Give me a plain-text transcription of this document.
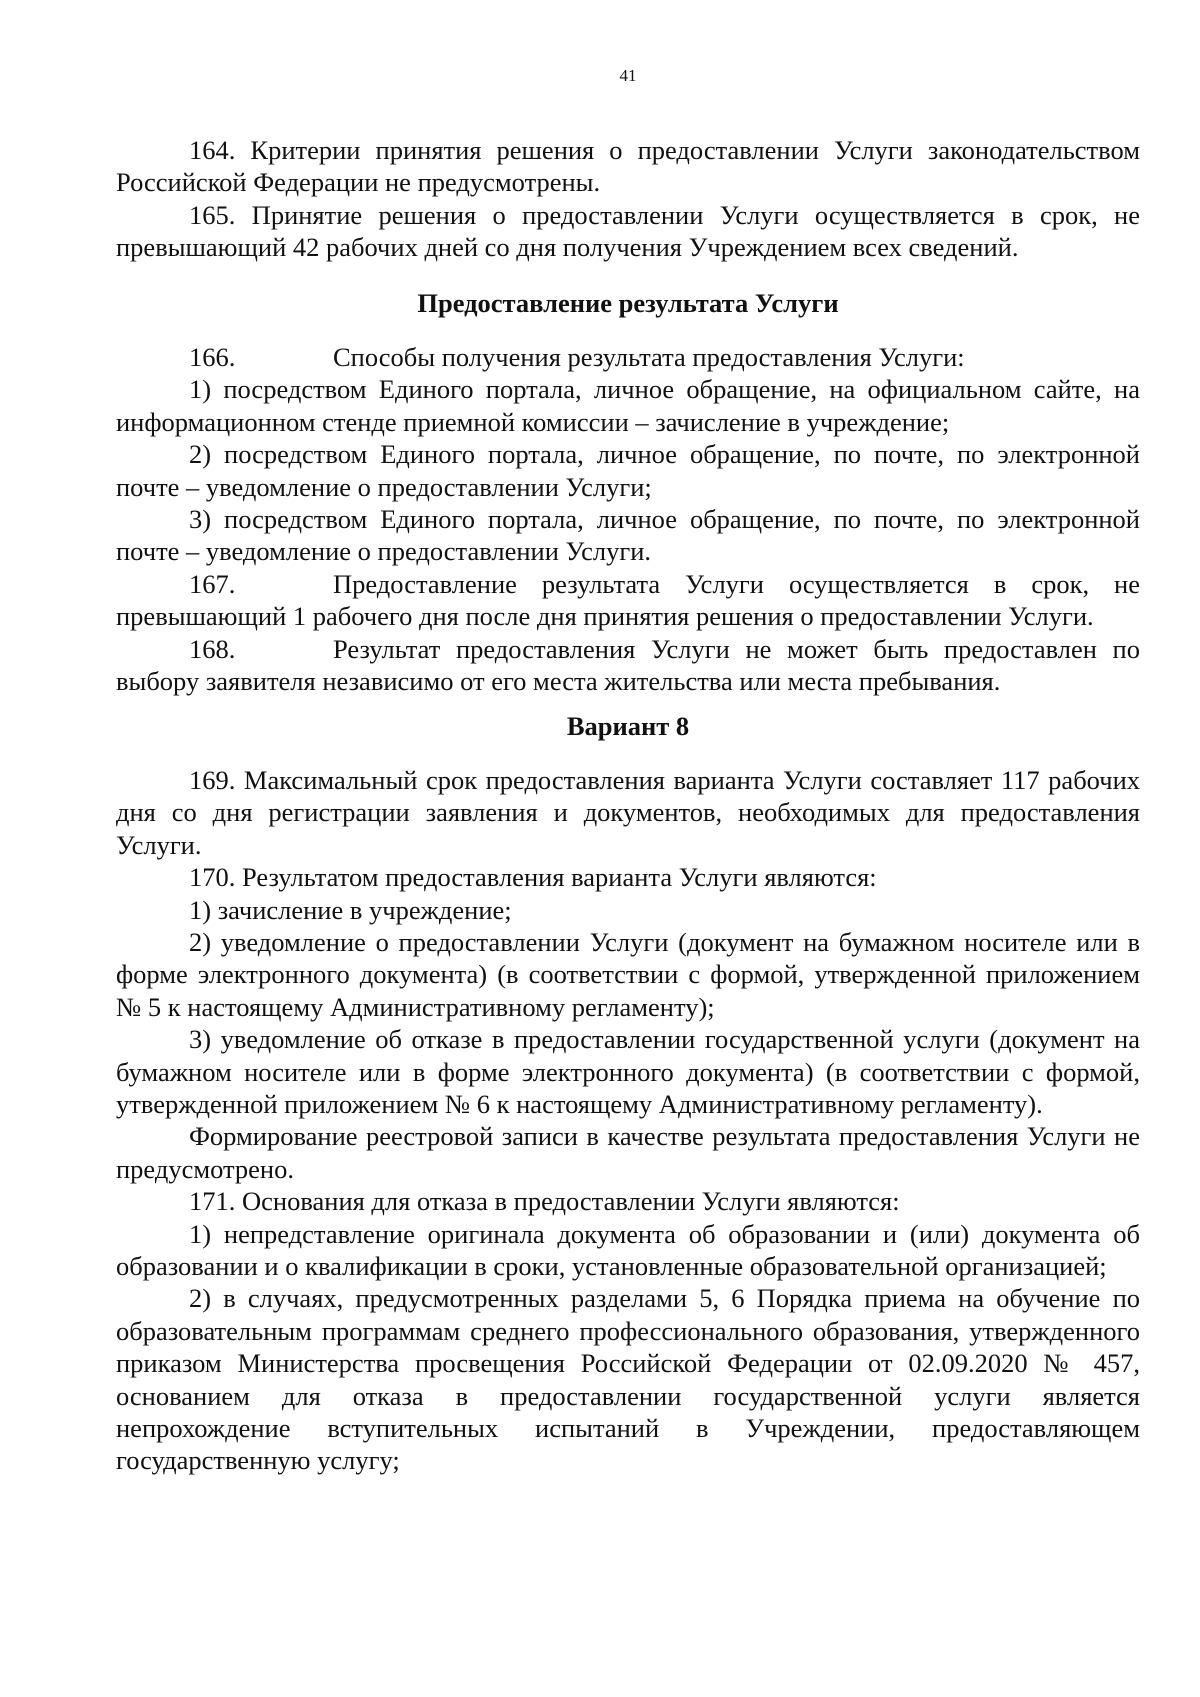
41

164. Критерии принятия решения о предоставлении Услуги законодательством Российской Федерации не предусмотрены.

165. Принятие решения о предоставлении Услуги осуществляется в срок, не превышающий 42 рабочих дней со дня получения Учреждением всех сведений.

Предоставление результата Услуги

166.	Способы получения результата предоставления Услуги:

1) посредством Единого портала, личное обращение, на официальном сайте, на информационном стенде приемной комиссии – зачисление в учреждение;

2) посредством Единого портала, личное обращение, по почте, по электронной почте – уведомление о предоставлении Услуги;

3) посредством Единого портала, личное обращение, по почте, по электронной почте – уведомление о предоставлении Услуги.

167.	Предоставление результата Услуги осуществляется в срок, не превышающий 1 рабочего дня после дня принятия решения о предоставлении Услуги.

168.	Результат предоставления Услуги не может быть предоставлен по выбору заявителя независимо от его места жительства или места пребывания.

Вариант 8

169. Максимальный срок предоставления варианта Услуги составляет 117 рабочих дня со дня регистрации заявления и документов, необходимых для предоставления Услуги.

170. Результатом предоставления варианта Услуги являются:

1) зачисление в учреждение;

2) уведомление о предоставлении Услуги (документ на бумажном носителе или в форме электронного документа) (в соответствии с формой, утвержденной приложением № 5 к настоящему Административному регламенту);

3) уведомление об отказе в предоставлении государственной услуги (документ на бумажном носителе или в форме электронного документа) (в соответствии с формой, утвержденной приложением № 6 к настоящему Административному регламенту).

Формирование реестровой записи в качестве результата предоставления Услуги не предусмотрено.

171. Основания для отказа в предоставлении Услуги являются:

1) непредставление оригинала документа об образовании и (или) документа об образовании и о квалификации в сроки, установленные образовательной организацией;

2) в случаях, предусмотренных разделами 5, 6 Порядка приема на обучение по образовательным программам среднего профессионального образования, утвержденного приказом Министерства просвещения Российской Федерации от 02.09.2020 № 457, основанием для отказа в предоставлении государственной услуги является непрохождение вступительных испытаний в Учреждении, предоставляющем государственную услугу;
